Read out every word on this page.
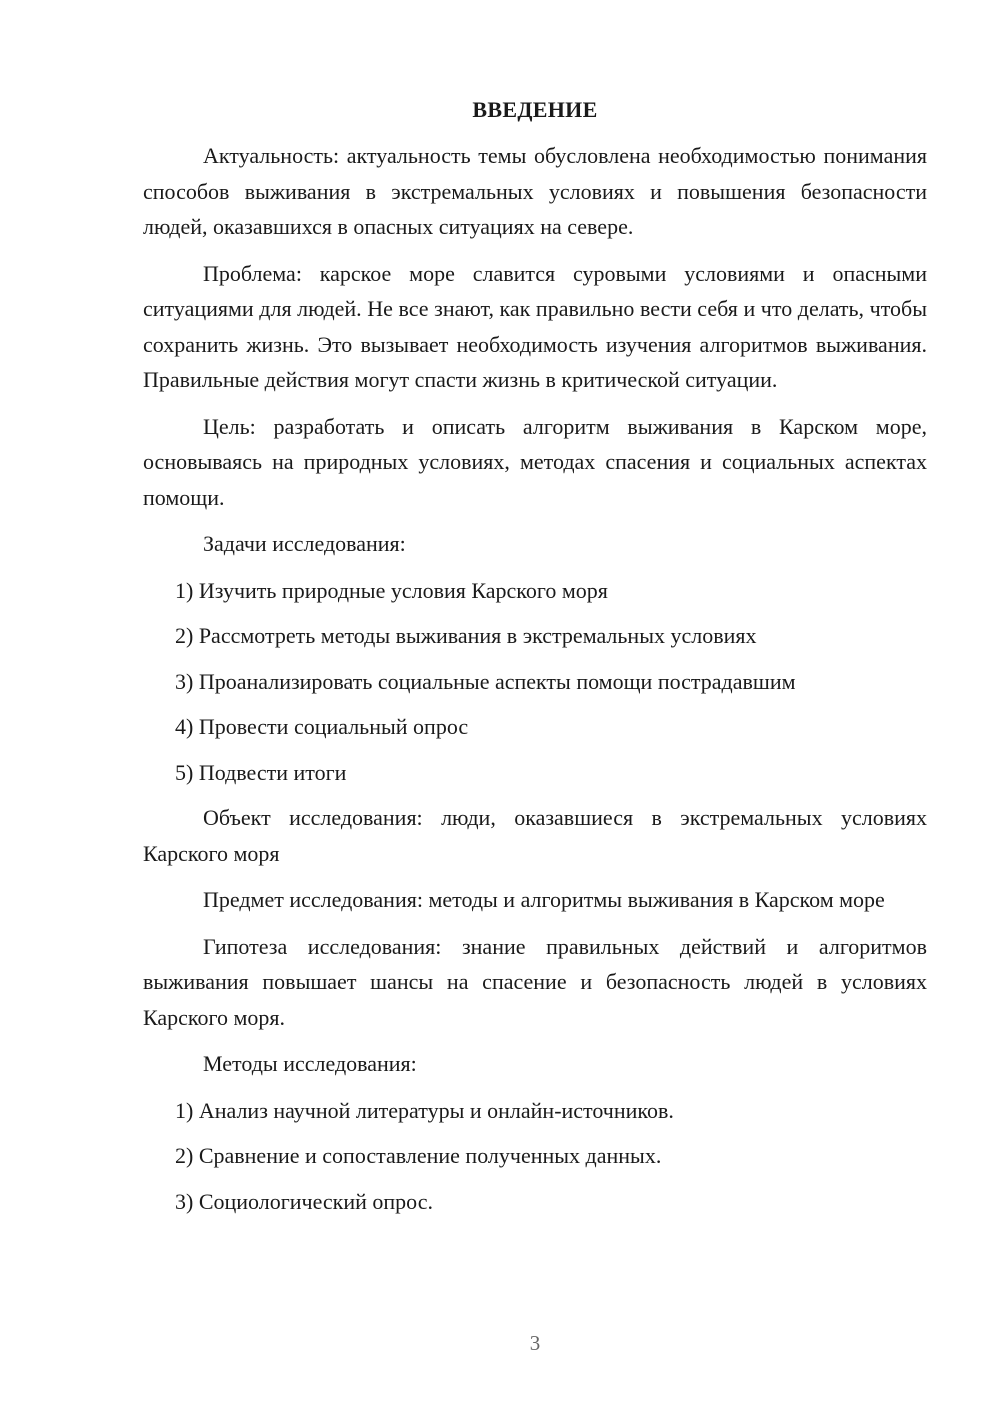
ВВЕДЕНИЕ

Актуальность: актуальность темы обусловлена необходимостью понимания способов выживания в экстремальных условиях и повышения безопасности людей, оказавшихся в опасных ситуациях на севере.

Проблема: карское море славится суровыми условиями и опасными ситуациями для людей. Не все знают, как правильно вести себя и что делать, чтобы сохранить жизнь. Это вызывает необходимость изучения алгоритмов выживания. Правильные действия могут спасти жизнь в критической ситуации.

Цель: разработать и описать алгоритм выживания в Карском море, основываясь на природных условиях, методах спасения и социальных аспектах помощи.

Задачи исследования:

1) Изучить природные условия Карского моря

2) Рассмотреть методы выживания в экстремальных условиях

3) Проанализировать социальные аспекты помощи пострадавшим

4) Провести социальный опрос

5) Подвести итоги

Объект исследования: люди, оказавшиеся в экстремальных условиях Карского моря

Предмет исследования: методы и алгоритмы выживания в Карском море

Гипотеза исследования: знание правильных действий и алгоритмов выживания повышает шансы на спасение и безопасность людей в условиях Карского моря.

Методы исследования:

1) Анализ научной литературы и онлайн-источников.

2) Сравнение и сопоставление полученных данных.

3) Социологический опрос.

3
